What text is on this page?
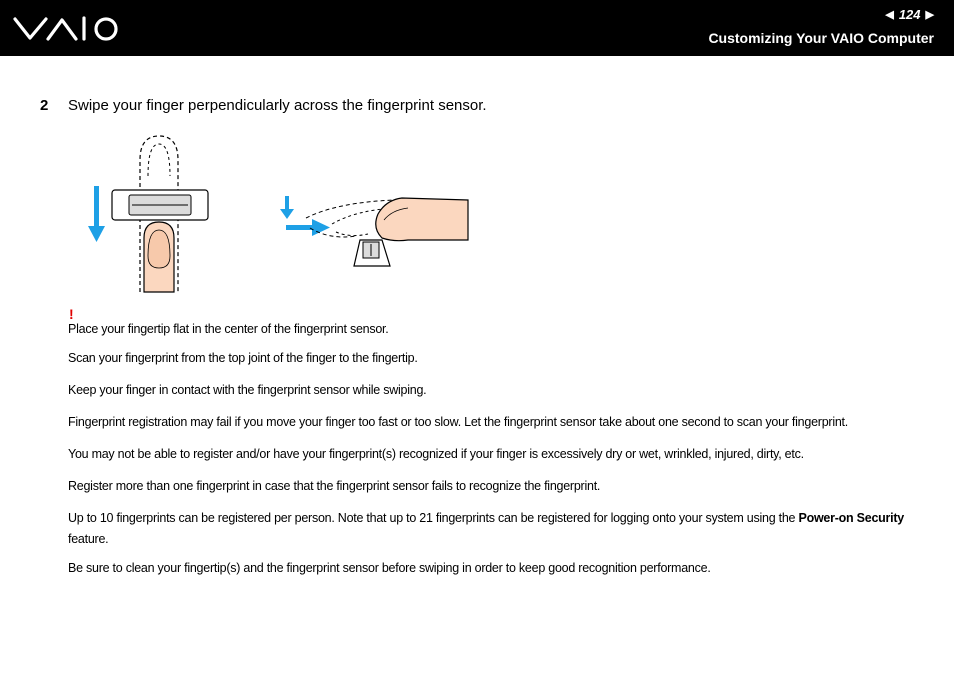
◀ 124 ▶
Customizing Your VAIO Computer
2 Swipe your finger perpendicularly across the fingerprint sensor.
!
Place your fingertip flat in the center of the fingerprint sensor.
Scan your fingerprint from the top joint of the finger to the fingertip.
Keep your finger in contact with the fingerprint sensor while swiping.
Fingerprint registration may fail if you move your finger too fast or too slow. Let the fingerprint sensor take about one second to scan your fingerprint.
You may not be able to register and/or have your fingerprint(s) recognized if your finger is excessively dry or wet, wrinkled, injured, dirty, etc.
Register more than one fingerprint in case that the fingerprint sensor fails to recognize the fingerprint.
Up to 10 fingerprints can be registered per person. Note that up to 21 fingerprints can be registered for logging onto your system using the Power-on Security feature.
Be sure to clean your fingertip(s) and the fingerprint sensor before swiping in order to keep good recognition performance.
